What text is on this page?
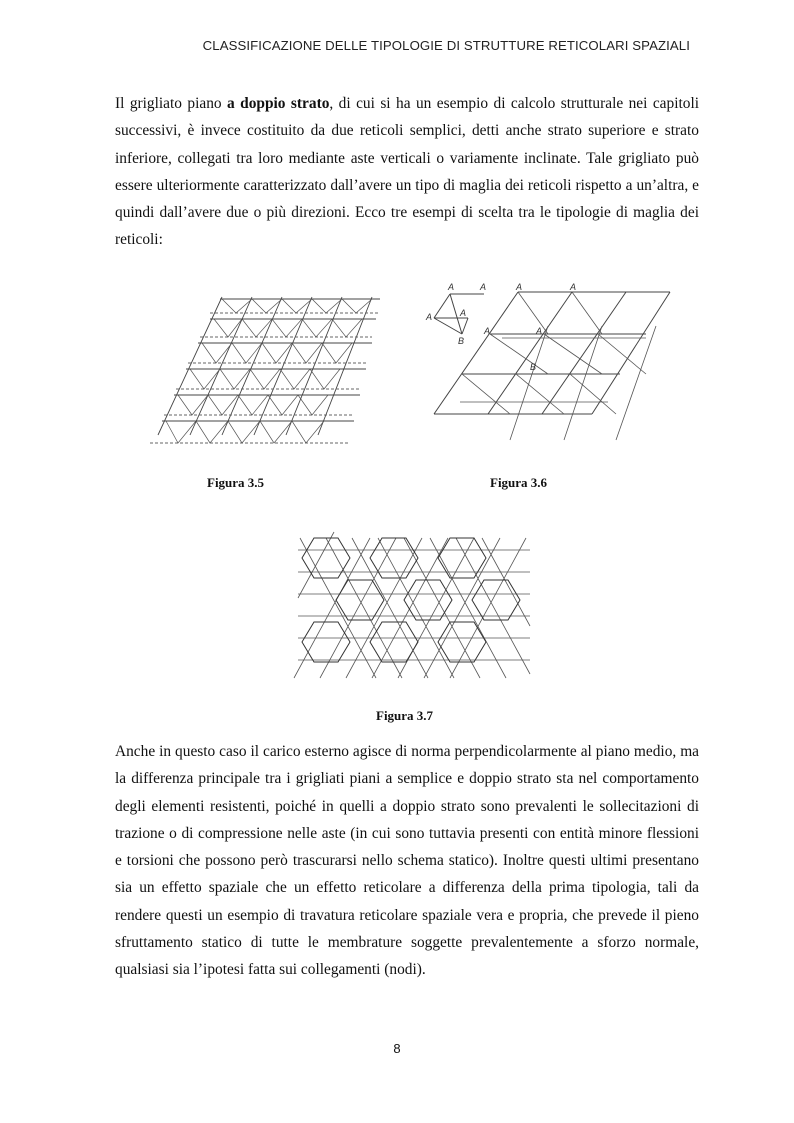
CLASSIFICAZIONE DELLE TIPOLOGIE DI STRUTTURE RETICOLARI SPAZIALI

Il grigliato piano a doppio strato, di cui si ha un esempio di calcolo strutturale nei capitoli successivi, è invece costituito da due reticoli semplici, detti anche strato superiore e strato inferiore, collegati tra loro mediante aste verticali o variamente inclinate. Tale grigliato può essere ulteriormente caratterizzato dall’avere un tipo di maglia dei reticoli rispetto a un’altra, e quindi dall’avere due o più direzioni. Ecco tre esempi di scelta tra le tipologie di maglia dei reticoli:

Figura 3.5
A	A
A	A
B
A	A
A	A
B
Figura 3.6
Figura 3.7

Anche in questo caso il carico esterno agisce di norma perpendicolarmente al piano medio, ma la differenza principale tra i grigliati piani a semplice e doppio strato sta nel comportamento degli elementi resistenti, poiché in quelli a doppio strato sono prevalenti le sollecitazioni di trazione o di compressione nelle aste (in cui sono tuttavia presenti con entità minore flessioni e torsioni che possono però trascurarsi nello schema statico). Inoltre questi ultimi presentano sia un effetto spaziale che un effetto reticolare a differenza della prima tipologia, tali da rendere questi un esempio di travatura reticolare spaziale vera e propria, che prevede il pieno sfruttamento statico di tutte le membrature soggette prevalentemente a sforzo normale, qualsiasi sia l’ipotesi fatta sui collegamenti (nodi).

8
